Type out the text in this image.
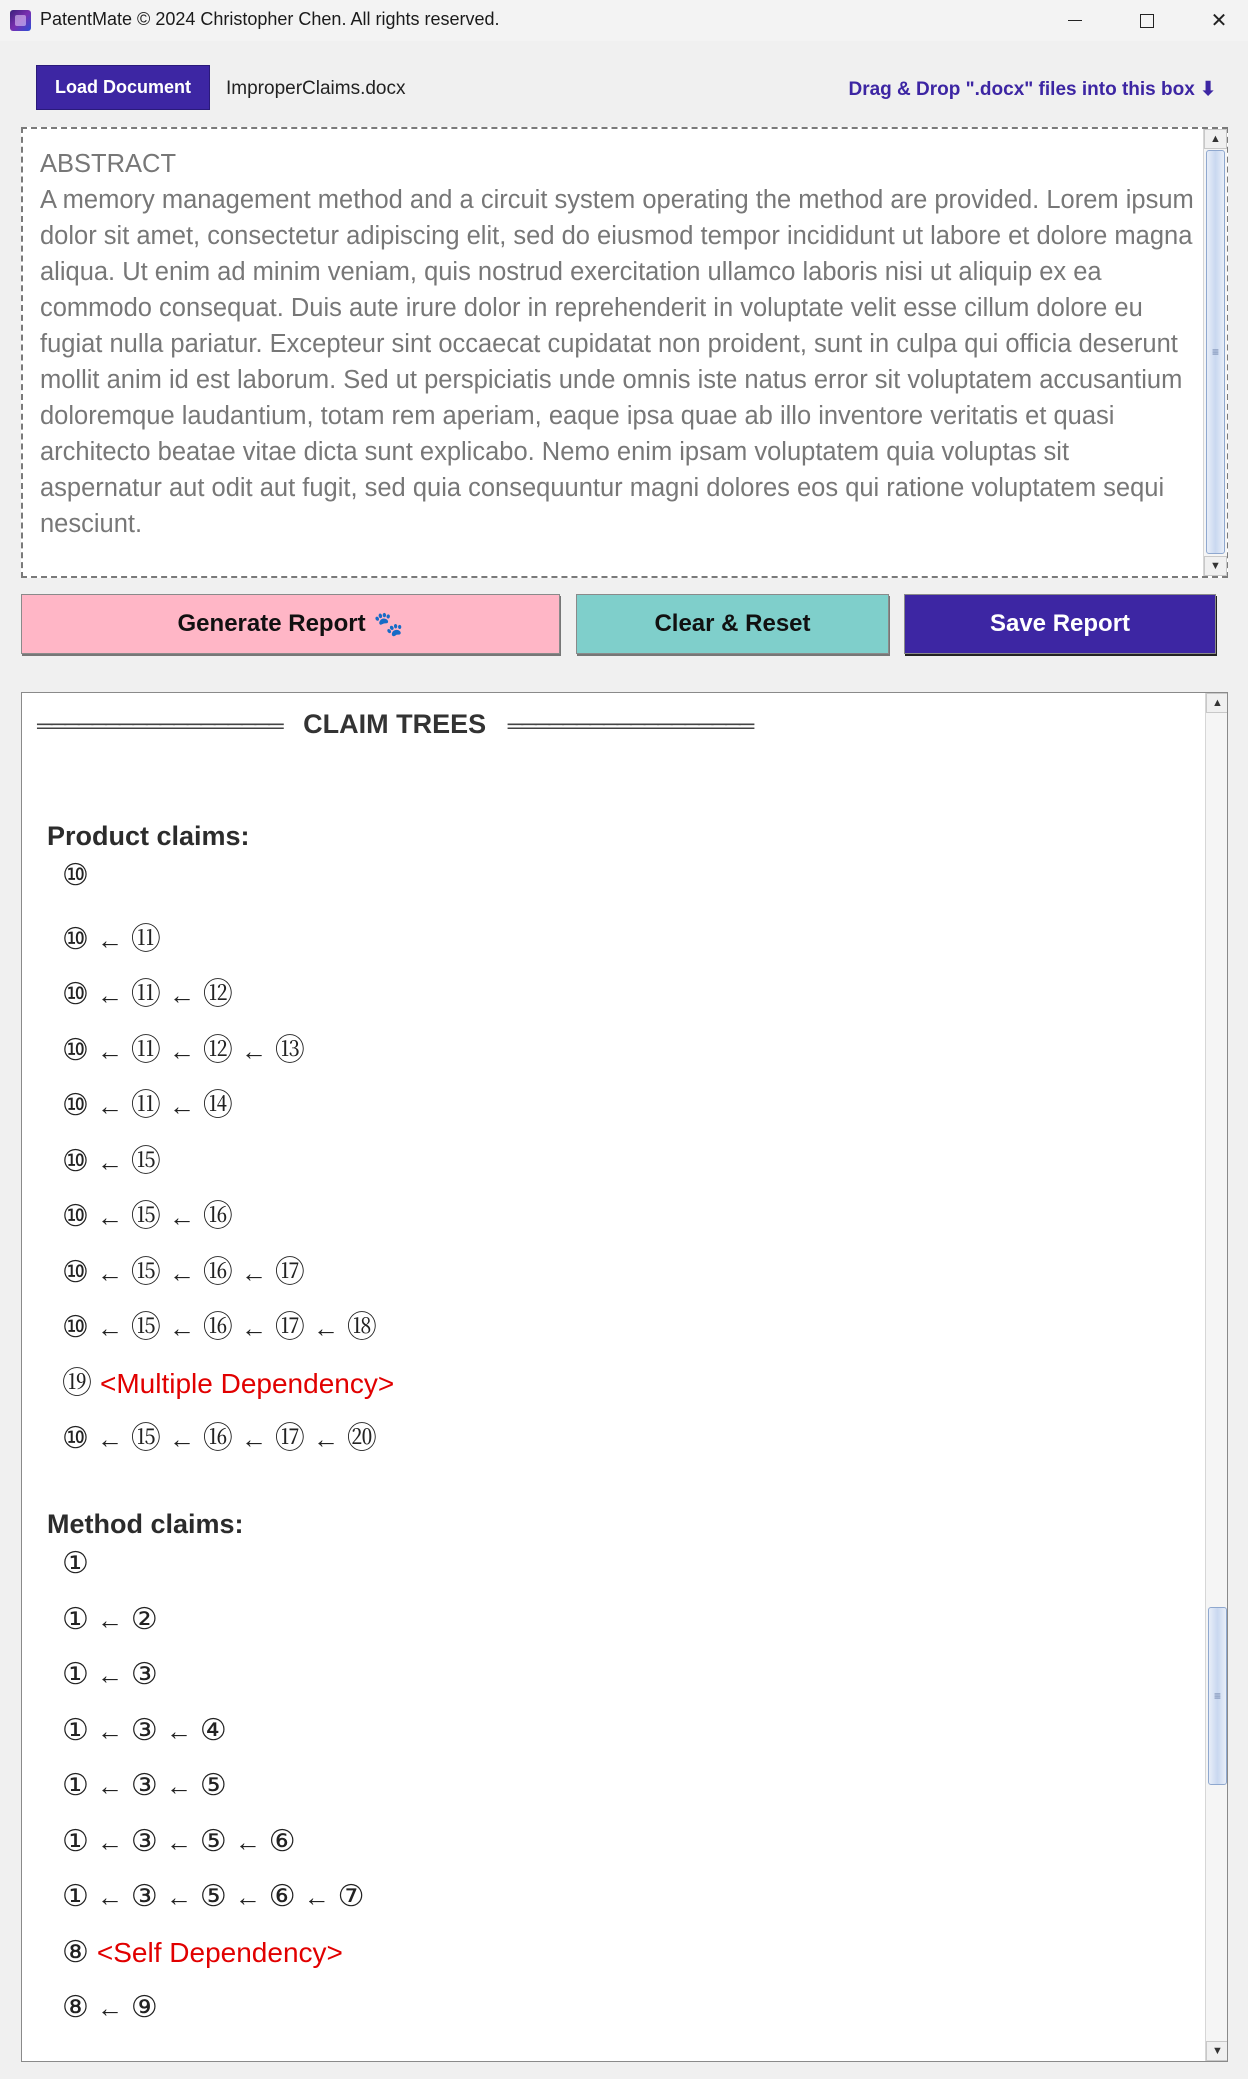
PatentMate © 2024 Christopher Chen. All rights reserved.	✕
Load Document	ImproperClaims.docx	Drag & Drop ".docx" files into this box ⬇
ABSTRACT
A memory management method and a circuit system operating the method are provided. Lorem ipsum dolor sit amet, consectetur adipiscing elit, sed do eiusmod tempor incididunt ut labore et dolore magna aliqua. Ut enim ad minim veniam, quis nostrud exercitation ullamco laboris nisi ut aliquip ex ea commodo consequat. Duis aute irure dolor in reprehenderit in voluptate velit esse cillum dolore eu fugiat nulla pariatur. Excepteur sint occaecat cupidatat non proident, sunt in culpa qui officia deserunt mollit anim id est laborum. Sed ut perspiciatis unde omnis iste natus error sit voluptatem accusantium doloremque laudantium, totam rem aperiam, eaque ipsa quae ab illo inventore veritatis et quasi architecto beatae vitae dicta sunt explicabo. Nemo enim ipsam voluptatem quia voluptas sit aspernatur aut odit aut fugit, sed quia consequuntur magni dolores eos qui ratione voluptatem sequi nesciunt.
▲
≡
▼
Generate Report 🐾	Clear & Reset	Save Report
══════════════════ CLAIM TREES ══════════════════
Product claims:
⑩
⑩ ← ⑪
⑩ ← ⑪ ← ⑫
⑩ ← ⑪ ← ⑫ ← ⑬
⑩ ← ⑪ ← ⑭
⑩ ← ⑮
⑩ ← ⑮ ← ⑯
⑩ ← ⑮ ← ⑯ ← ⑰
⑩ ← ⑮ ← ⑯ ← ⑰ ← ⑱
⑲ <Multiple Dependency>
⑩ ← ⑮ ← ⑯ ← ⑰ ← ⑳
Method claims:
①
① ← ②
① ← ③
① ← ③ ← ④
① ← ③ ← ⑤
① ← ③ ← ⑤ ← ⑥
① ← ③ ← ⑤ ← ⑥ ← ⑦
⑧ <Self Dependency>
⑧ ← ⑨
▲
≡
▼
